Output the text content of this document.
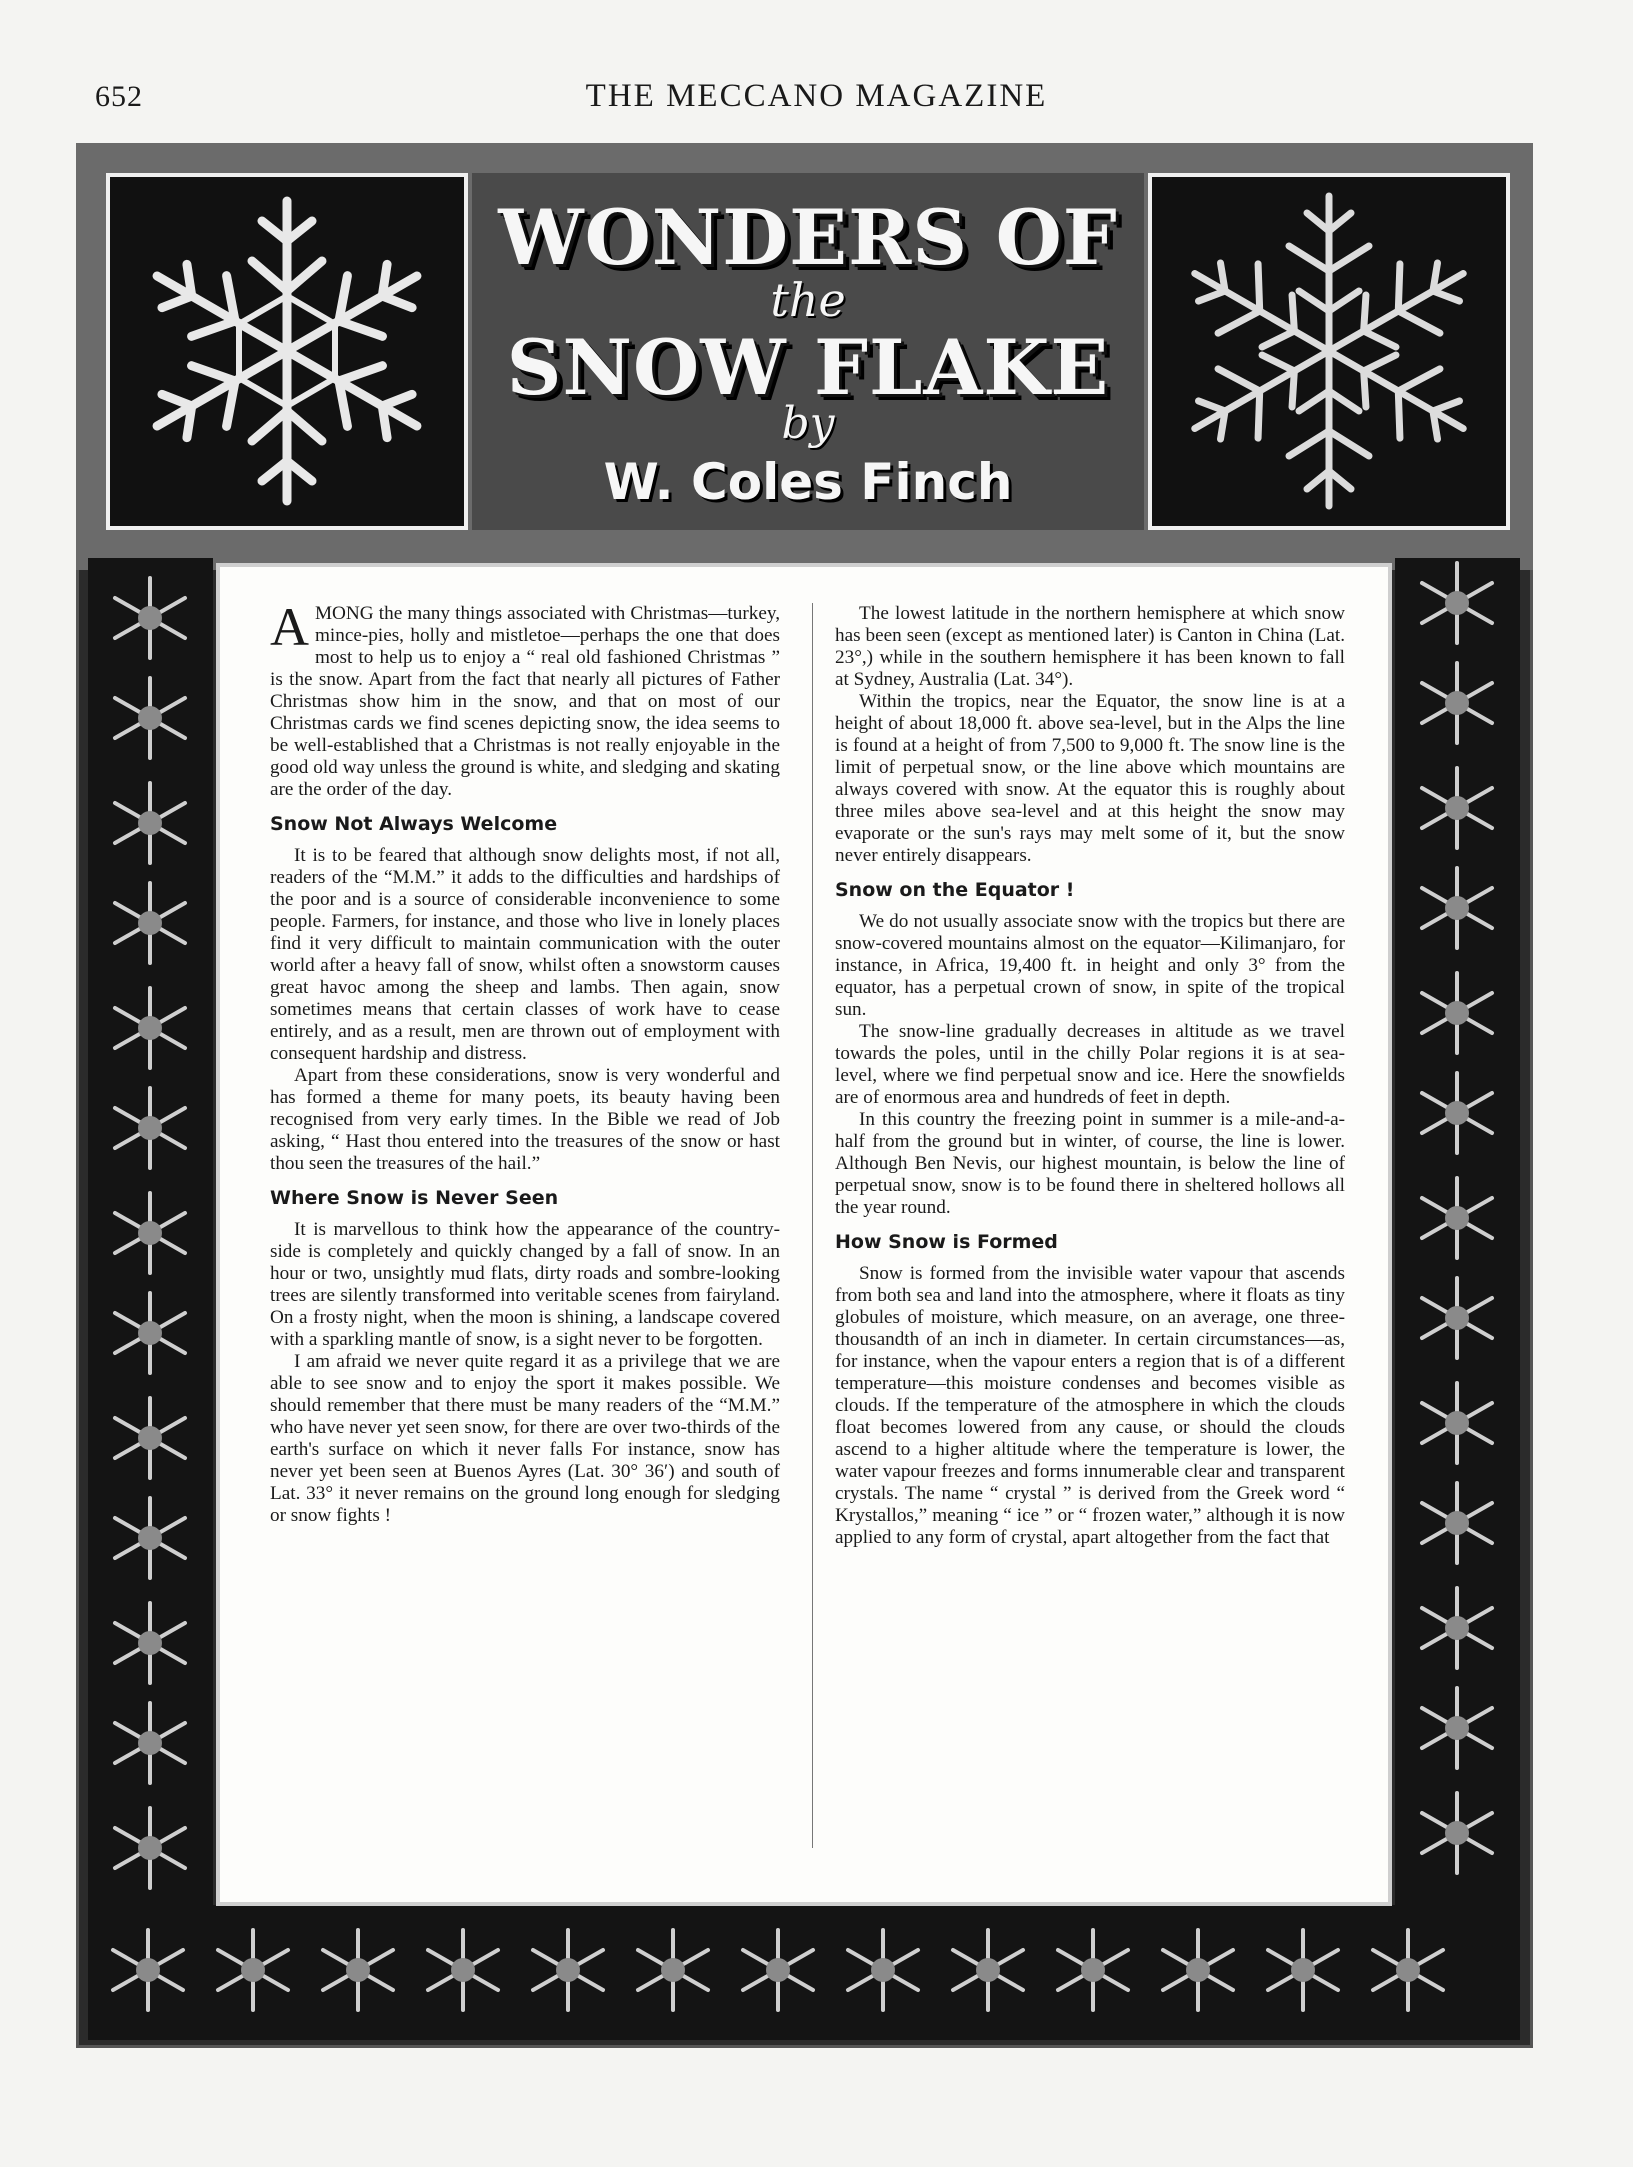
652	THE MECCANO MAGAZINE
WONDERS OF
the
SNOW FLAKE
by
W. Coles Finch

AMONG the many things associated with Christmas—turkey, mince-pies, holly and mistletoe—perhaps the one that does most to help us to enjoy a “ real old fashioned Christmas ” is the snow. Apart from the fact that nearly all pictures of Father Christmas show him in the snow, and that on most of our Christmas cards we find scenes depicting snow, the idea seems to be well-established that a Christmas is not really enjoyable in the good old way unless the ground is white, and sledging and skating are the order of the day.

Snow Not Always Welcome

It is to be feared that although snow delights most, if not all, readers of the “M.M.” it adds to the difficulties and hardships of the poor and is a source of considerable inconvenience to some people. Farmers, for instance, and those who live in lonely places find it very difficult to maintain communication with the outer world after a heavy fall of snow, whilst often a snowstorm causes great havoc among the sheep and lambs. Then again, snow sometimes means that certain classes of work have to cease entirely, and as a result, men are thrown out of employment with consequent hardship and distress.

Apart from these considerations, snow is very wonderful and has formed a theme for many poets, its beauty having been recognised from very early times. In the Bible we read of Job asking, “ Hast thou entered into the treasures of the snow or hast thou seen the treasures of the hail.”

Where Snow is Never Seen

It is marvellous to think how the appearance of the country-side is completely and quickly changed by a fall of snow. In an hour or two, unsightly mud flats, dirty roads and sombre-looking trees are silently transformed into veritable scenes from fairyland. On a frosty night, when the moon is shining, a landscape covered with a sparkling mantle of snow, is a sight never to be forgotten.

I am afraid we never quite regard it as a privilege that we are able to see snow and to enjoy the sport it makes possible. We should remember that there must be many readers of the “M.M.” who have never yet seen snow, for there are over two-thirds of the earth's surface on which it never falls For instance, snow has never yet been seen at Buenos Ayres (Lat. 30° 36′) and south of Lat. 33° it never remains on the ground long enough for sledging or snow fights !

The lowest latitude in the northern hemisphere at which snow has been seen (except as mentioned later) is Canton in China (Lat. 23°,) while in the southern hemisphere it has been known to fall at Sydney, Australia (Lat. 34°).

Within the tropics, near the Equator, the snow line is at a height of about 18,000 ft. above sea-level, but in the Alps the line is found at a height of from 7,500 to 9,000 ft. The snow line is the limit of perpetual snow, or the line above which mountains are always covered with snow. At the equator this is roughly about three miles above sea-level and at this height the snow may evaporate or the sun's rays may melt some of it, but the snow never entirely disappears.

Snow on the Equator !

We do not usually associate snow with the tropics but there are snow-covered mountains almost on the equator—Kilimanjaro, for instance, in Africa, 19,400 ft. in height and only 3° from the equator, has a perpetual crown of snow, in spite of the tropical sun.

The snow-line gradually decreases in altitude as we travel towards the poles, until in the chilly Polar regions it is at sea-level, where we find perpetual snow and ice. Here the snowfields are of enormous area and hundreds of feet in depth.

In this country the freezing point in summer is a mile-and-a-half from the ground but in winter, of course, the line is lower. Although Ben Nevis, our highest mountain, is below the line of perpetual snow, snow is to be found there in sheltered hollows all the year round.

How Snow is Formed

Snow is formed from the invisible water vapour that ascends from both sea and land into the atmosphere, where it floats as tiny globules of moisture, which measure, on an average, one three-thousandth of an inch in diameter. In certain circumstances—as, for instance, when the vapour enters a region that is of a different temperature—this moisture condenses and becomes visible as clouds. If the temperature of the atmosphere in which the clouds float becomes lowered from any cause, or should the clouds ascend to a higher altitude where the temperature is lower, the water vapour freezes and forms innumerable clear and transparent crystals. The name “ crystal ” is derived from the Greek word “ Krystallos,” meaning “ ice ” or “ frozen water,” although it is now applied to any form of crystal, apart altogether from the fact that
